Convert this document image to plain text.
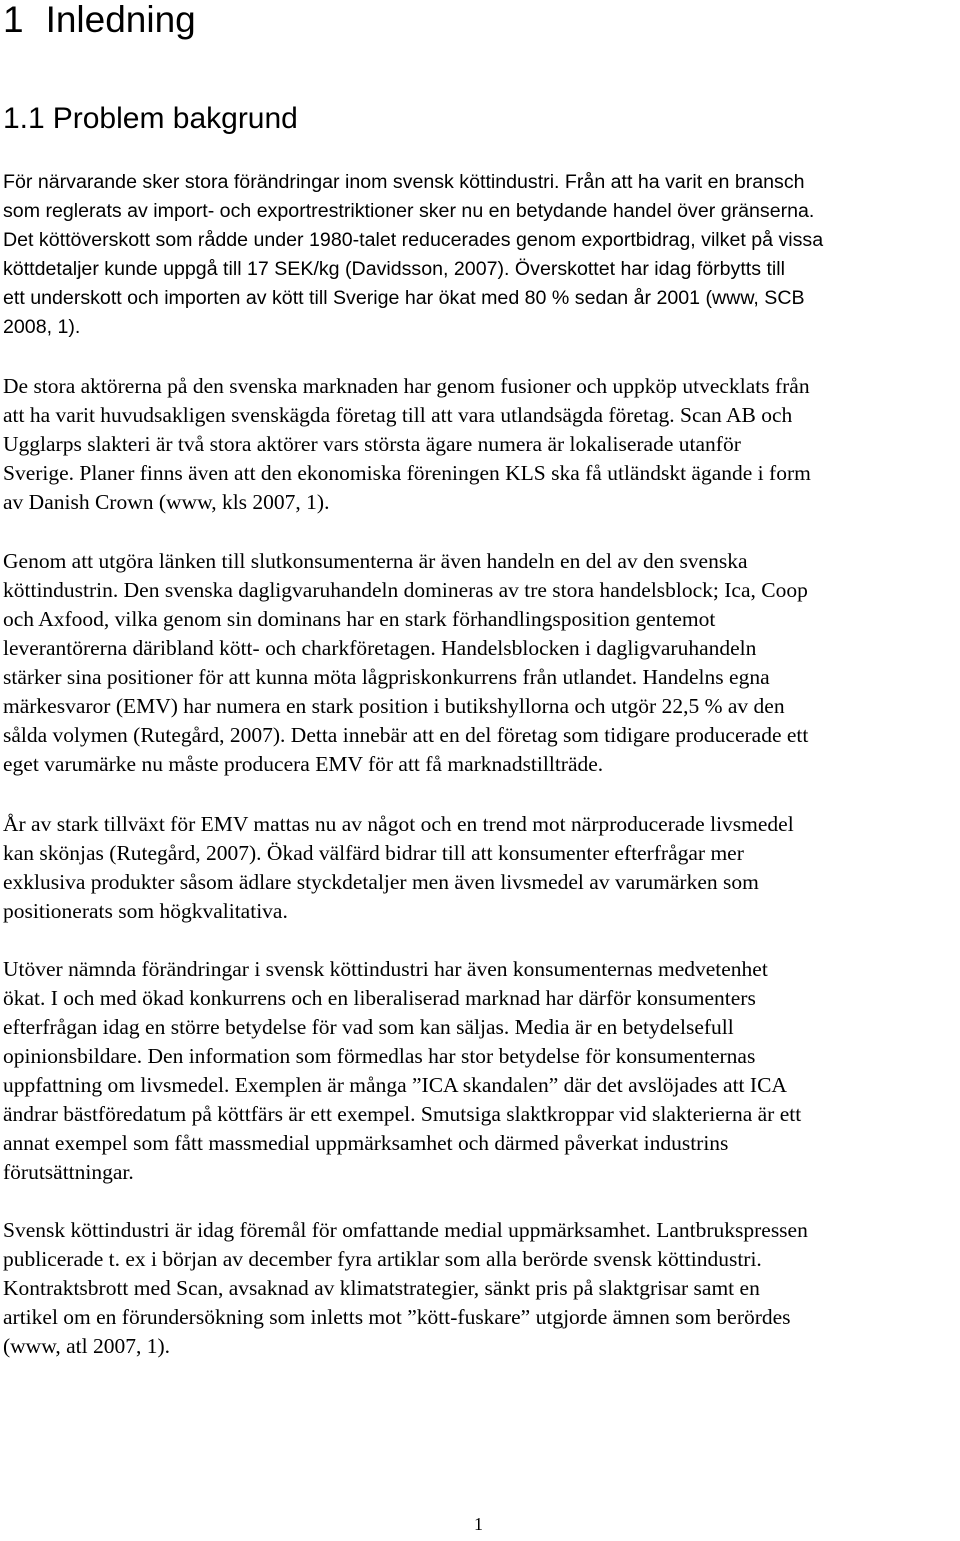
1 Inledning
1.1 Problem bakgrund

För närvarande sker stora förändringar inom svensk köttindustri. Från att ha varit en bransch
som reglerats av import- och exportrestriktioner sker nu en betydande handel över gränserna.
Det köttöverskott som rådde under 1980-talet reducerades genom exportbidrag, vilket på vissa
köttdetaljer kunde uppgå till 17 SEK/kg (Davidsson, 2007). Överskottet har idag förbytts till
ett underskott och importen av kött till Sverige har ökat med 80 % sedan år 2001 (www, SCB
2008, 1).

De stora aktörerna på den svenska marknaden har genom fusioner och uppköp utvecklats från
att ha varit huvudsakligen svenskägda företag till att vara utlandsägda företag. Scan AB och
Ugglarps slakteri är två stora aktörer vars största ägare numera är lokaliserade utanför
Sverige. Planer finns även att den ekonomiska föreningen KLS ska få utländskt ägande i form
av Danish Crown (www, kls 2007, 1).

Genom att utgöra länken till slutkonsumenterna är även handeln en del av den svenska
köttindustrin. Den svenska dagligvaruhandeln domineras av tre stora handelsblock; Ica, Coop
och Axfood, vilka genom sin dominans har en stark förhandlingsposition gentemot
leverantörerna däribland kött- och charkföretagen. Handelsblocken i dagligvaruhandeln
stärker sina positioner för att kunna möta lågpriskonkurrens från utlandet. Handelns egna
märkesvaror (EMV) har numera en stark position i butikshyllorna och utgör 22,5 % av den
sålda volymen (Rutegård, 2007). Detta innebär att en del företag som tidigare producerade ett
eget varumärke nu måste producera EMV för att få marknadstillträde.

År av stark tillväxt för EMV mattas nu av något och en trend mot närproducerade livsmedel
kan skönjas (Rutegård, 2007). Ökad välfärd bidrar till att konsumenter efterfrågar mer
exklusiva produkter såsom ädlare styckdetaljer men även livsmedel av varumärken som
positionerats som högkvalitativa.

Utöver nämnda förändringar i svensk köttindustri har även konsumenternas medvetenhet
ökat. I och med ökad konkurrens och en liberaliserad marknad har därför konsumenters
efterfrågan idag en större betydelse för vad som kan säljas. Media är en betydelsefull
opinionsbildare. Den information som förmedlas har stor betydelse för konsumenternas
uppfattning om livsmedel. Exemplen är många ”ICA skandalen” där det avslöjades att ICA
ändrar bästföredatum på köttfärs är ett exempel. Smutsiga slaktkroppar vid slakterierna är ett
annat exempel som fått massmedial uppmärksamhet och därmed påverkat industrins
förutsättningar.

Svensk köttindustri är idag föremål för omfattande medial uppmärksamhet. Lantbrukspressen
publicerade t. ex i början av december fyra artiklar som alla berörde svensk köttindustri.
Kontraktsbrott med Scan, avsaknad av klimatstrategier, sänkt pris på slaktgrisar samt en
artikel om en förundersökning som inletts mot ”kött-fuskare” utgjorde ämnen som berördes
(www, atl 2007, 1).

1
